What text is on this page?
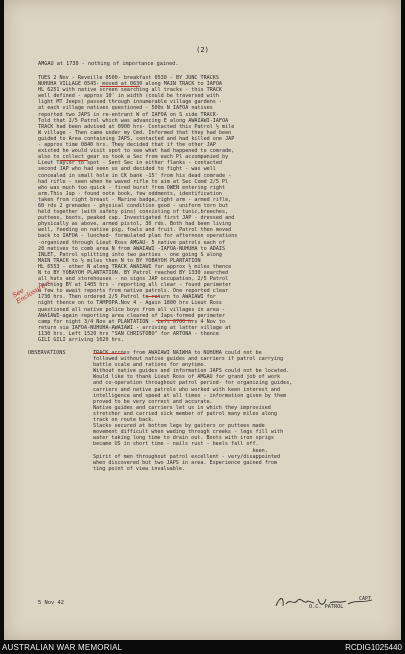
(2)
AMGAU at 1730 - nothing of importance gained.
TUES 2 Nov - Reveille 0500- breakfast 0530 - BY JUNC TRACKS
NUHUHA VILLAGE 0545- moved at 0630 along MAIN TRACK to IAFOA
HL 6251 with native screen searching all tracks - this TRACK
well defined - approx 10' in width (could be traversed with
light MT Jeeps) passed through innumerable village gardens -
at each village natives questioned - 500x N IAFOA natives
reported two JAPS in re-entrant W of IAFOA on S side TRACK-
Told that 2/5 Patrol which was advancing E along AWAIAWI-IAFOA
TRACK had been advised at 0900 hrs- Contacted this Patrol ½ mile
W village - Then came under my Cmd. Informed that they had been
guided to Area containing JAPS, contacted and had killed one JAP
- approx time 0840 hrs. They decided that if the other JAP
existed he would visit spot to see what had happened to comrade,
also to collect gear so took a Sec from each Pl accompanied by
Lieut Taylor to spot - Sent Sec in either flanks - contacted
second JAP who had seen us and decided to fight - was well
concealed in small hole in CK bank -15' from his dead comrade -
had rifle - seen when he waved rifle to aim at Sec Comd 2/5 Pl
who was much too quick - fired burst from OWEN entering right
arm.This Jap - found note book, few oddments, identification
taken from right breast - Marine badge,right arm - armed rifle,
60 rds 2 grenades - physical condition good - uniform torn but
held together (with safety pins) consisting of tunic,breeches,
puttees, boots, peaked cap. Investigated first JAP - dressed and
physically as above, armed pistol, 30 rds. Both had been living
well, feeding on native pig, fowls and fruit. Patrol then moved
back to IAFOA - lunched- formulated plan for afternoon operations
-organized through Lieut Ross AMGAU- 5 native patrols each of
20 natives to comb area N from AWAIAWI -IAFOA-NUHUHA to ADAIS
INLET, Patrol splitting into two parties - one going S along
MAIN TRACK to ½ miles then N to BY YOBAYOH PLANTATION
HL 6553 - other N along TRACK AWAIAWI for approx ½ miles thence
N to BY YOBAYOH PLANTATION. BY Patrol reached BY 1330 searched
all huts and storehouses - no signs JAP occupation, 2/5 Patrol
reaching BY at 1405 hrs - reporting all clear - found perimeter
a few to await reports from native patrols. One reported clear
1730 hrs. Then ordered 2/5 Patrol to return to AWAIAWI for
night thence on to TAMPOPA.Nov 4 - Again 1800 hrs Lieut Ross
questioned all native police boys from all villages in area -
AWAIAWI-again reporting area cleared of Japs-formed perimeter
camp for night 3/4 Nov at PLANTATION - Left 0700 hrs 4 Nov to
return via IAFOA-NUHUHA-AWAIAWI - arriving at latter village at
1130 hrs. Left 1520 hrs "SAN CHRISTOBO" for ARTONA - thence
GILI GILI arriving 1620 hrs.
OBSERVATIONS	from AWAIAWI NAIWHA to NUHUHA could not be
followed without native guides and carriers if patrol carrying
battle scale and rations for anytime.
Without native guides and information JAPS could not be located.
Would like to thank Lieut Ross of AMGAU for grand job of work
and co-operation throughout patrol period- for organizing guides,
carriers and native patrols who worked with keen interest and
intelligence and speed at all times - information given by them
proved to be very correct and accurate.
Native guides and carriers let us in which they improvised
stretcher and carried sick member of patrol many miles along
track on route back.
Slacks secured at bottom legs by gaiters or puttees made
movement difficult when wading through creeks - legs fill with
water taking long time to drain out. Boots with iron sprigs
became US in short time - nails rust - heels fall off.
keen.
Spirit of men throughout patrol excellent - very/disappointed
when discovered but two JAPS in area. Experience gained from
ting point of view invaluable.
5 Nov 42
CAPT
O.C. PATROL
See Enclosure x
AUSTRALIAN WAR MEMORIAL	RCDIG1025440
